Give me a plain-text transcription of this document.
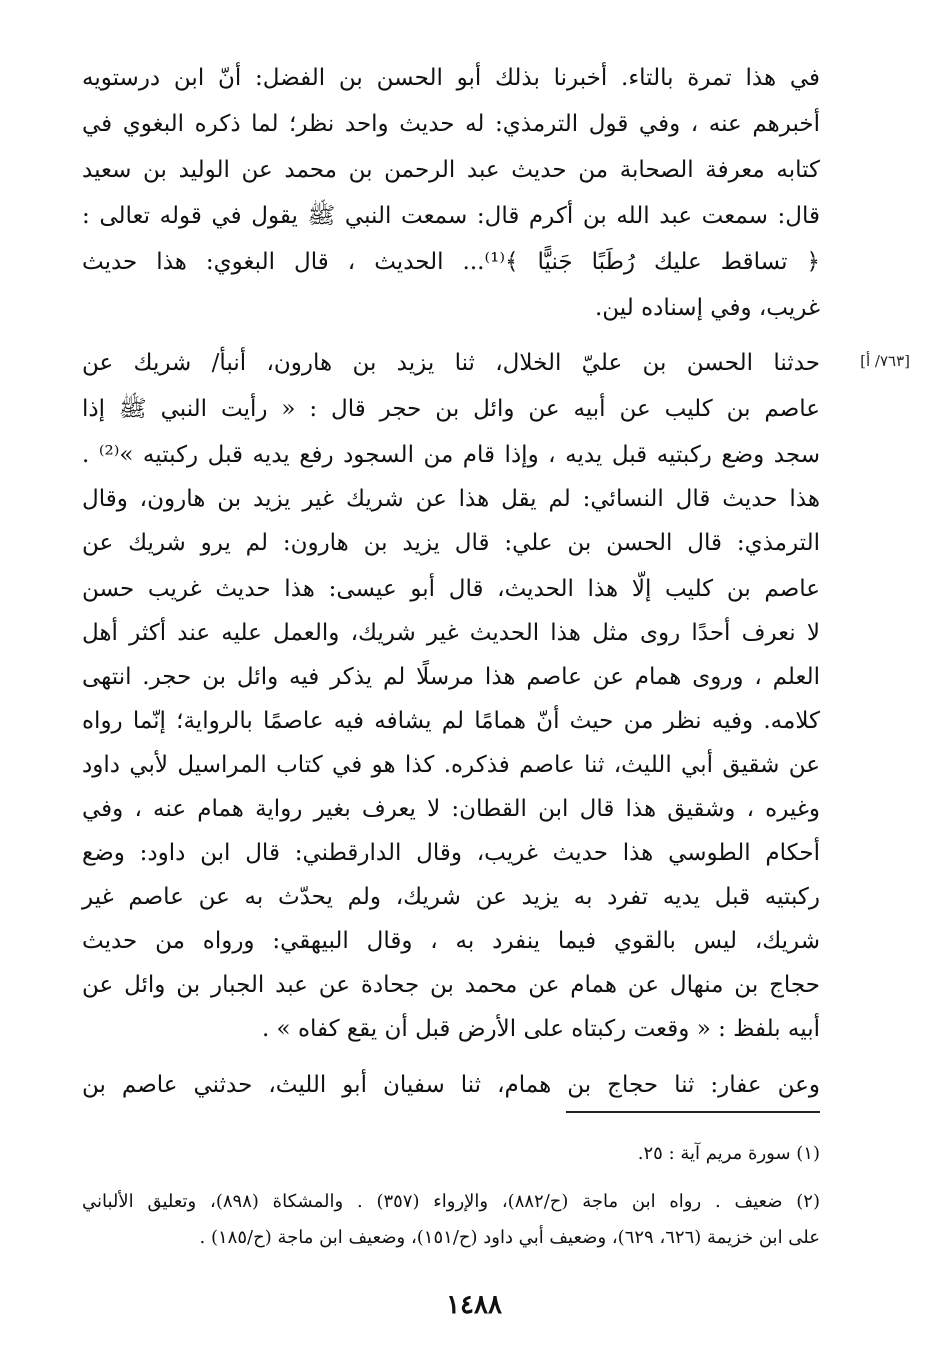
في هذا تمرة بالتاء. أخبرنا بذلك أبو الحسن بن الفضل: أنّ ابن درستويه
أخبرهم عنه ، وفي قول الترمذي: له حديث واحد نظر؛ لما ذكره البغوي في
كتابه معرفة الصحابة من حديث عبد الرحمن بن محمد عن الوليد بن سعيد
قال: سمعت عبد الله بن أكرم قال: سمعت النبي ﷺ يقول في قوله تعالى :
﴿ تساقط عليك رُطَبًا جَنيًّا ﴾⁽¹⁾... الحديث ، قال البغوي: هذا حديث
غريب، وفي إسناده لين.
[٧٦٣/ أ]
حدثنا الحسن بن عليّ الخلال، ثنا يزيد بن هارون، أنبأ/ شريك عن
عاصم بن كليب عن أبيه عن وائل بن حجر قال : « رأيت النبي ﷺ إذا
سجد وضع ركبتيه قبل يديه ، وإذا قام من السجود رفع يديه قبل ركبتيه »⁽²⁾ .
هذا حديث قال النسائي: لم يقل هذا عن شريك غير يزيد بن هارون، وقال
الترمذي: قال الحسن بن علي: قال يزيد بن هارون: لم يرو شريك عن
عاصم بن كليب إلّا هذا الحديث، قال أبو عيسى: هذا حديث غريب حسن
لا نعرف أحدًا روى مثل هذا الحديث غير شريك، والعمل عليه عند أكثر أهل
العلم ، وروى همام عن عاصم هذا مرسلًا لم يذكر فيه وائل بن حجر. انتهى
كلامه. وفيه نظر من حيث أنّ همامًا لم يشافه فيه عاصمًا بالرواية؛ إنّما رواه
عن شقيق أبي الليث، ثنا عاصم فذكره. كذا هو في كتاب المراسيل لأبي داود
وغيره ، وشقيق هذا قال ابن القطان: لا يعرف بغير رواية همام عنه ، وفي
أحكام الطوسي هذا حديث غريب، وقال الدارقطني: قال ابن داود: وضع
ركبتيه قبل يديه تفرد به يزيد عن شريك، ولم يحدّث به عن عاصم غير
شريك، ليس بالقوي فيما ينفرد به ، وقال البيهقي: ورواه من حديث
حجاج بن منهال عن همام عن محمد بن جحادة عن عبد الجبار بن وائل عن
أبيه بلفظ : « وقعت ركبتاه على الأرض قبل أن يقع كفاه » .
وعن عفار: ثنا حجاج بن همام، ثنا سفيان أبو الليث، حدثني عاصم بن
(١) سورة مريم آية : ٢٥.
(٢) ضعيف . رواه ابن ماجة (ح/٨٨٢)، والإرواء (٣٥٧) . والمشكاة (٨٩٨)، وتعليق الألباني
على ابن خزيمة (٦٢٦، ٦٢٩)، وضعيف أبي داود (ح/١٥١)، وضعيف ابن ماجة (ح/١٨٥) .
١٤٨٨
